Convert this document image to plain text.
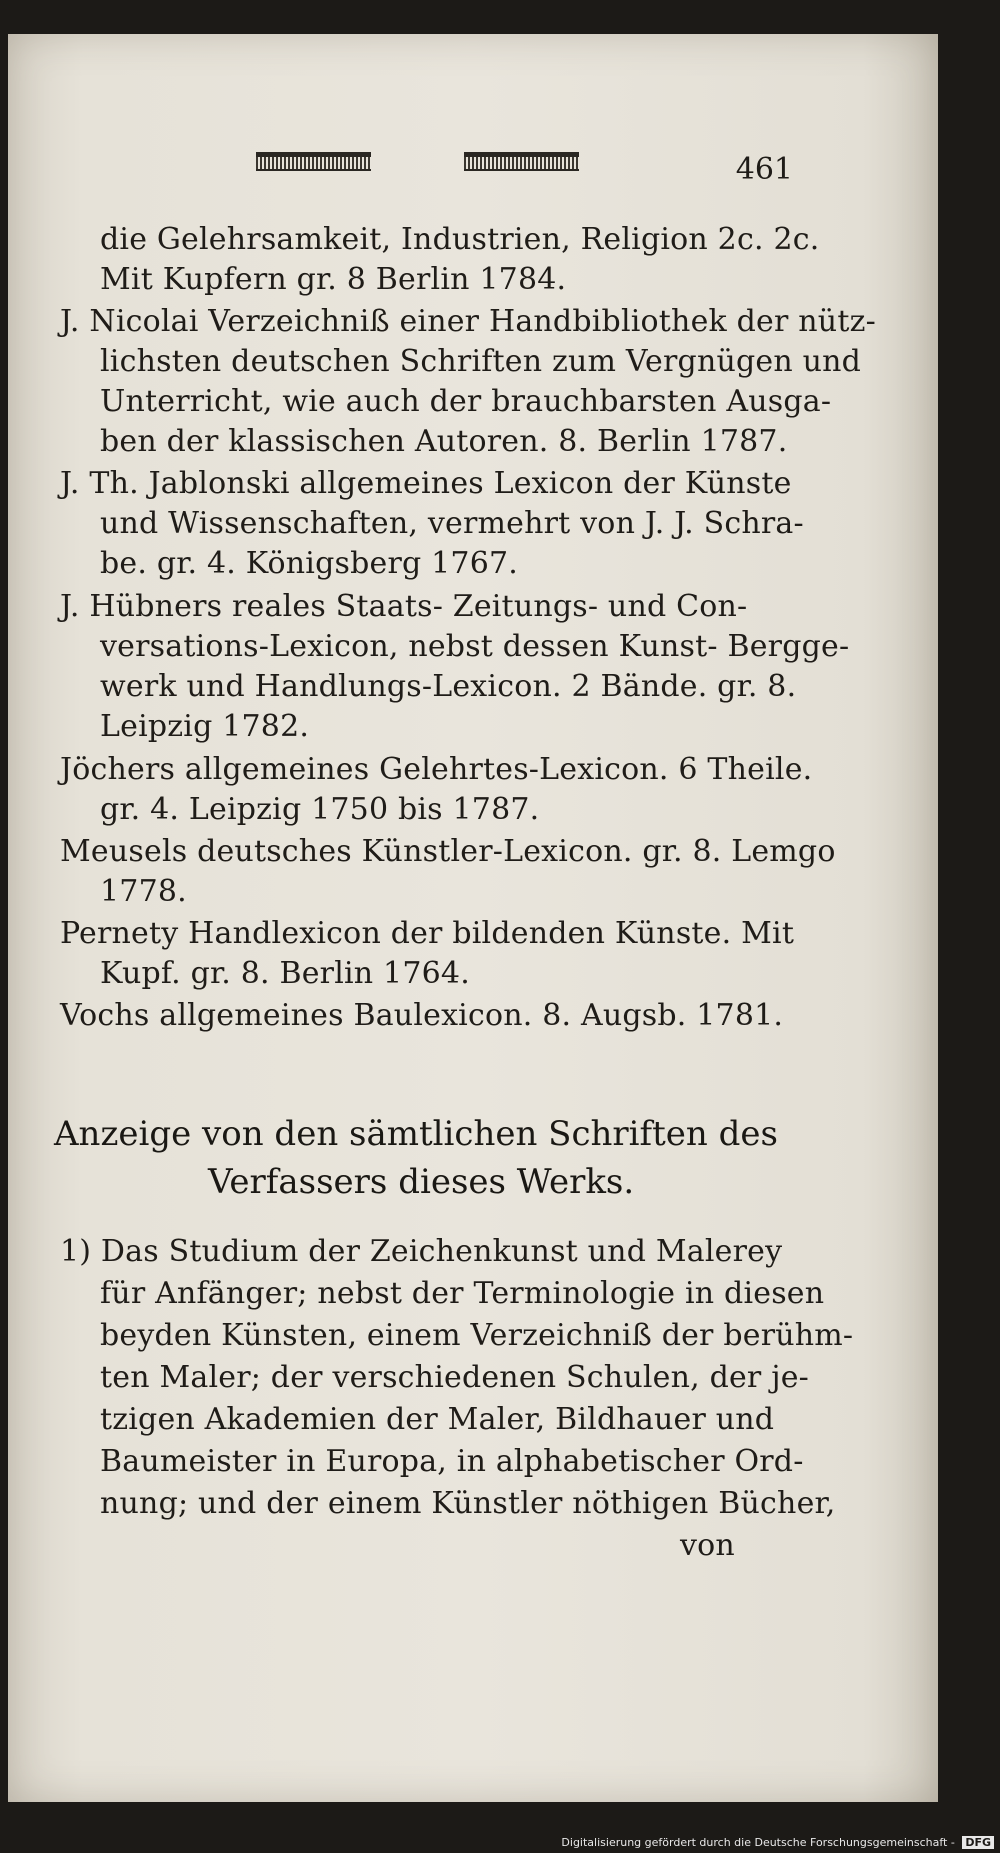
461
die Gelehrsamkeit, Industrien, Religion 2c. 2c.
Mit Kupfern gr. 8 Berlin 1784.
J. Nicolai Verzeichniß einer Handbibliothek der nütz-
lichsten deutschen Schriften zum Vergnügen und
Unterricht, wie auch der brauchbarsten Ausga-
ben der klassischen Autoren. 8. Berlin 1787.
J. Th. Jablonski allgemeines Lexicon der Künste
und Wissenschaften, vermehrt von J. J. Schra-
be. gr. 4. Königsberg 1767.
J. Hübners reales Staats- Zeitungs- und Con-
versations-Lexicon, nebst dessen Kunst- Bergge-
werk und Handlungs-Lexicon. 2 Bände. gr. 8.
Leipzig 1782.
Jöchers allgemeines Gelehrtes-Lexicon. 6 Theile.
gr. 4. Leipzig 1750 bis 1787.
Meusels deutsches Künstler-Lexicon. gr. 8. Lemgo
1778.
Pernety Handlexicon der bildenden Künste. Mit
Kupf. gr. 8. Berlin 1764.
Vochs allgemeines Baulexicon. 8. Augsb. 1781.
Anzeige von den sämtlichen Schriften des
Verfassers dieses Werks.
1) Das Studium der Zeichenkunst und Malerey
für Anfänger; nebst der Terminologie in diesen
beyden Künsten, einem Verzeichniß der berühm-
ten Maler; der verschiedenen Schulen, der je-
tzigen Akademien der Maler, Bildhauer und
Baumeister in Europa, in alphabetischer Ord-
nung; und der einem Künstler nöthigen Bücher,
von
Digitalisierung gefördert durch die Deutsche Forschungsgemeinschaft - DFG
